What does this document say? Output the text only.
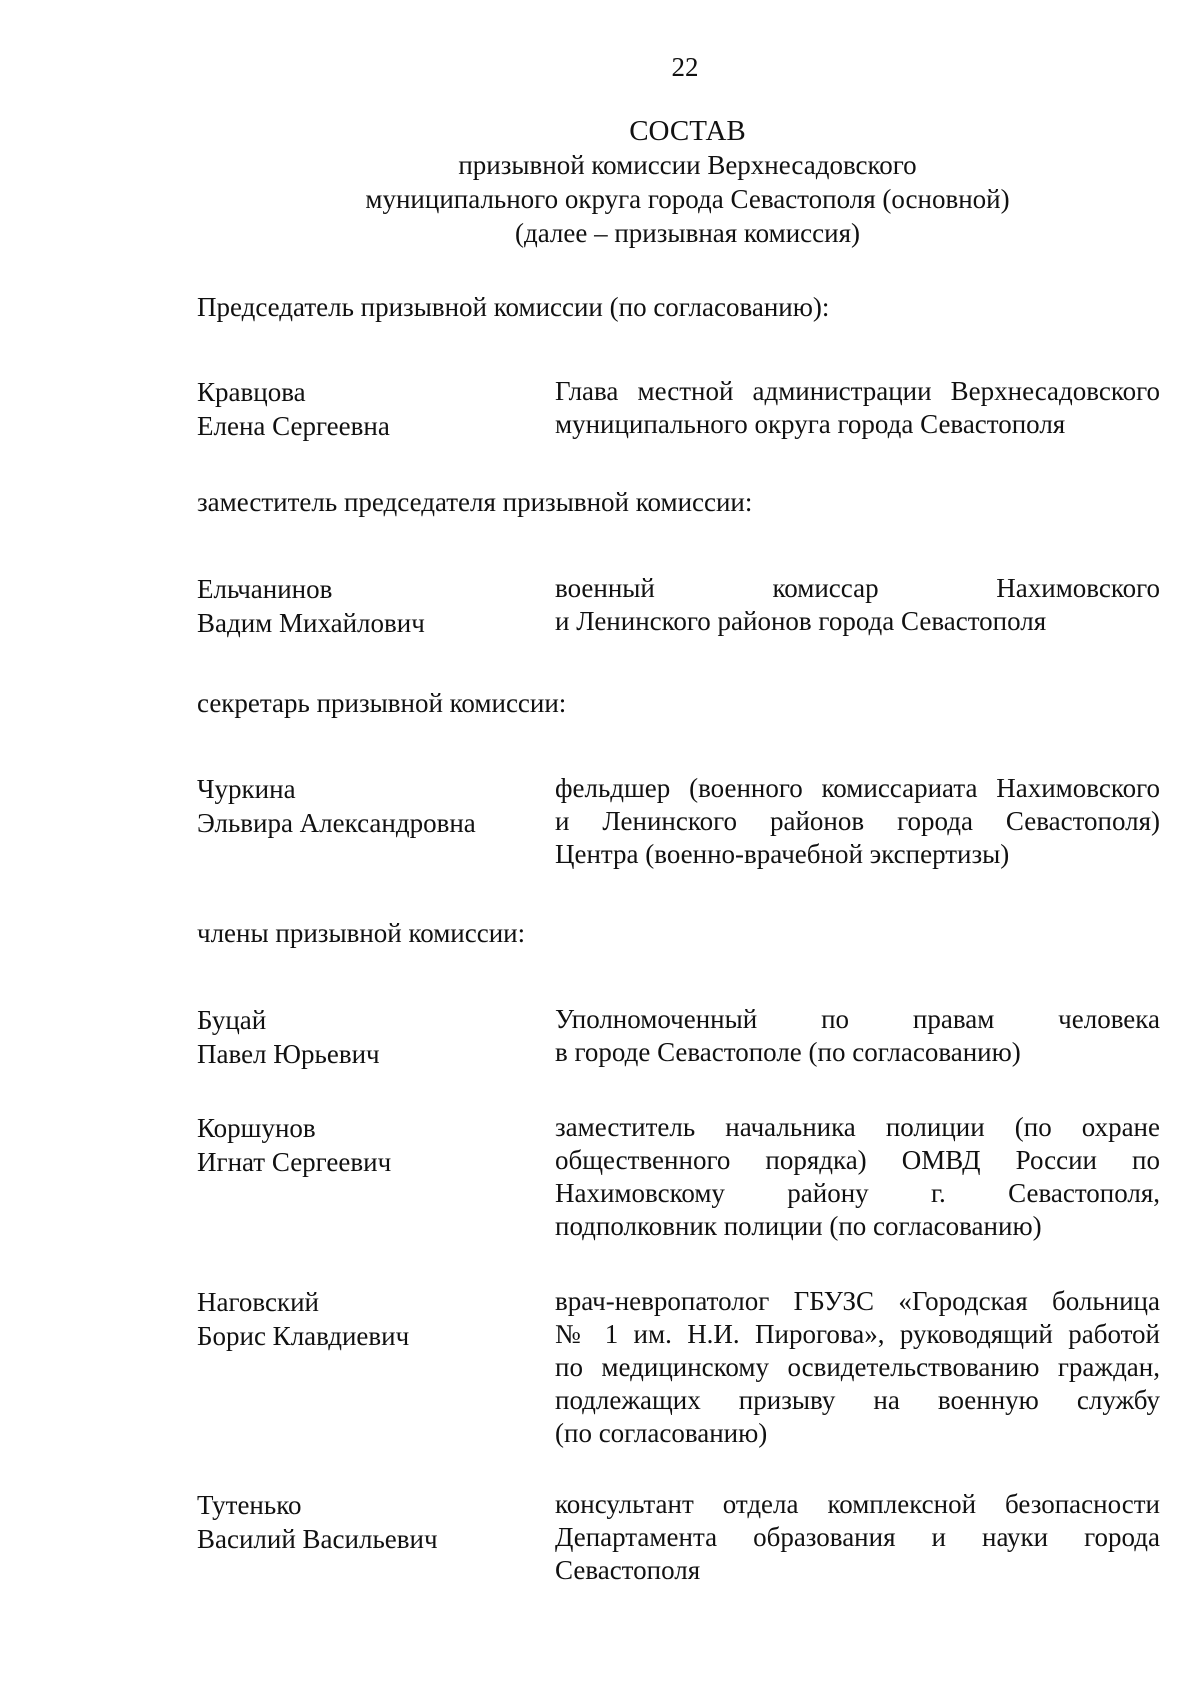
22
СОСТАВ
призывной комиссии Верхнесадовского
муниципального округа города Севастополя (основной)
(далее – призывная комиссия)
Председатель призывной комиссии (по согласованию):
Кравцова
Елена Сергеевна
Глава местной администрации Верхнесадовского
муниципального округа города Севастополя
заместитель председателя призывной комиссии:
Ельчанинов
Вадим Михайлович
военный комиссар Нахимовского
и Ленинского районов города Севастополя
секретарь призывной комиссии:
Чуркина
Эльвира Александровна
фельдшер (военного комиссариата Нахимовского
и Ленинского районов города Севастополя)
Центра (военно-врачебной экспертизы)
члены призывной комиссии:
Буцай
Павел Юрьевич
Уполномоченный по правам человека
в городе Севастополе (по согласованию)
Коршунов
Игнат Сергеевич
заместитель начальника полиции (по охране
общественного порядка) ОМВД России по
Нахимовскому району г. Севастополя,
подполковник полиции (по согласованию)
Наговский
Борис Клавдиевич
врач-невропатолог ГБУЗС «Городская больница
№ 1 им. Н.И. Пирогова», руководящий работой
по медицинскому освидетельствованию граждан,
подлежащих призыву на военную службу
(по согласованию)
Тутенько
Василий Васильевич
консультант отдела комплексной безопасности
Департамента образования и науки города
Севастополя
